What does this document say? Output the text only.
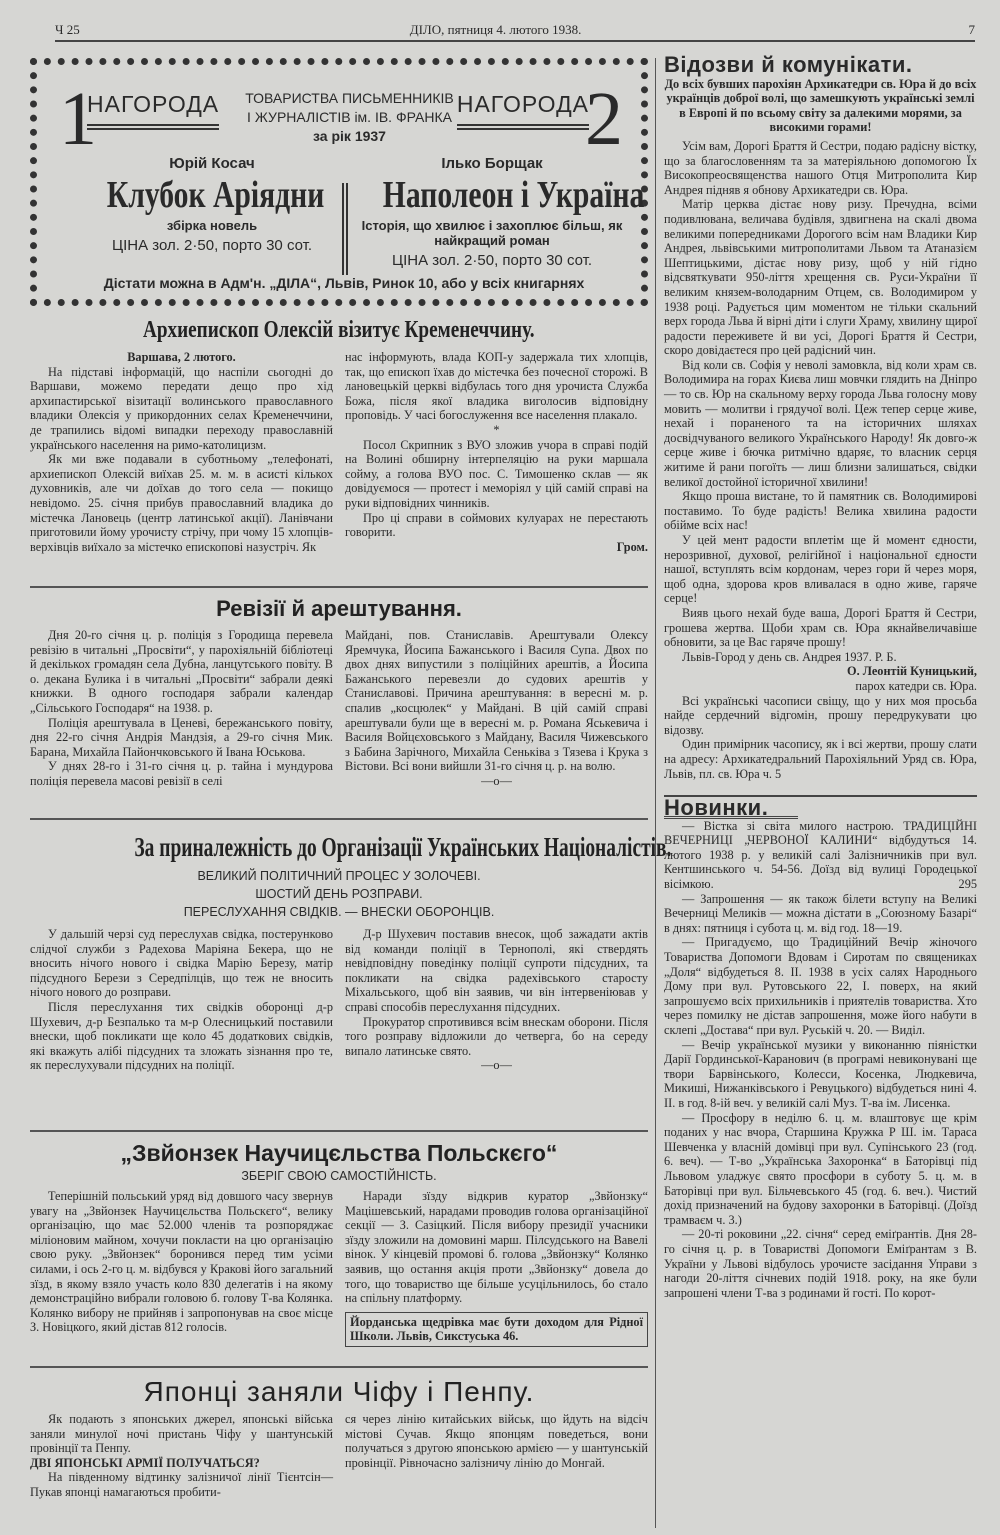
Ч 25	ДІЛО, пятниця 4. лютого 1938.	7
1	2
НАГОРОДА	НАГОРОДА
ТОВАРИСТВА ПИСЬМЕННИКІВ
І ЖУРНАЛІСТІВ ім. ІВ. ФРАНКА
за рік 1937
Юрій Косач
Клубок Аріядни
збірка новель
ЦІНА зол. 2·50, порто 30 сот.
Ілько Борщак
Наполеон і Україна
Історія, що хвилює і захоплює більш, як найкращий роман
ЦІНА зол. 2·50, порто 30 сот.
Дістати можна в Адм'н. „ДІЛА“, Львів, Ринок 10, або у всіх книгарнях
Архиепископ Олексій візитує Кременеччину.

Варшава, 2 лютого.

На підставі інформацій, що наспіли сьогодні до Варшави, можемо передати дещо про хід архипастирської візитації волинського православного владики Олексія у прикордонних селах Кременеччини, де трапились відомі випадки переходу православній українського населення на римо-католицизм.

Як ми вже подавали в суботньому „телефонаті, архиепископ Олексій виїхав 25. м. м. в асисті кількох духовників, але чи доїхав до того села — покищо невідомо. 25. січня прибув православний владика до містечка Лановець (центр латинської акції). Ланівчани приготовили йому урочисту стрічу, при чому 15 хлопців-верхівців виїхало за містечко епископові назустріч. Як

нас інформують, влада КОП-у задержала тих хлопців, так, що епископ їхав до містечка без почесної сторожі. В лановецькій церкві відбулась того дня урочиста Служба Божа, після якої владика виголосив відповідну проповідь. У часі богослуження все населення плакало.

*

Посол Скрипник з ВУО зложив учора в справі подій на Волині обширну інтерпеляцію на руки маршала сойму, а голова ВУО пос. С. Тимошенко склав — як довідуємося — протест і меморіял у цій самій справі на руки відповідних чинників.

Про ці справи в соймових кулуарах не перестають говорити.

Гром.

Ревізії й арештування.

Дня 20-го січня ц. р. поліція з Городища перевела ревізію в читальні „Просвіти“, у парохіяльній бібліотеці й декількох громадян села Дубна, ланцутського повіту. В о. декана Булика і в читальні „Просвіти“ забрали деякі книжки. В одного господаря забрали календар „Сільського Господаря“ на 1938. р.

Поліція арештувала в Ценеві, бережанського повіту, дня 22-го січня Андрія Мандзія, а 29-го січня Мик. Барана, Михайла Пайончковського й Івана Юськова.

У днях 28-го і 31-го січня ц. р. тайна і мундурова поліція перевела масові ревізії в селі

Майдані, пов. Станиславів. Арештували Олексу Яремчука, Йосипа Бажанського і Василя Супа. Двох по двох днях випустили з поліційних арештів, а Йосипа Бажанського перевезли до судових арештів у Станиславові. Причина арештування: в вересні м. р. спалив „косцюлек“ у Майдані. В цій самій справі арештували були ще в вересні м. р. Романа Яськевича і Василя Войцєховського з Майдану, Василя Чижевського з Бабина Зарічного, Михайла Сеньківа з Тязева і Крука з Вістови. Всі вони вийшли 31-го січня ц. р. на волю.

—о—

За приналежність до Організації Українських Націоналістів.
ВЕЛИКИЙ ПОЛІТИЧНИЙ ПРОЦЕС У ЗОЛОЧЕВІ.
ШОСТИЙ ДЕНЬ РОЗПРАВИ.
ПЕРЕСЛУХАННЯ СВІДКІВ. — ВНЕСКИ ОБОРОНЦІВ.

У дальшій черзі суд переслухав свідка, постерунково слідчої служби з Радехова Маріяна Бекера, що не вносить нічого нового і свідка Марію Березу, матір підсудного Берези з Середпілців, що теж не вносить нічого нового до розправи.

Після переслухання тих свідків оборонці д-р Шухевич, д-р Безпалько та м-р Олесницький поставили внески, щоб покликати ще коло 45 додаткових свідків, які вкажуть алібі підсудних та зложать зізнання про те, як переслухували підсудних на поліції.

Д-р Шухевич поставив внесок, щоб зажадати актів від команди поліції в Тернополі, які ствердять невідповідну поведінку поліції супроти підсудних, та покликати на свідка радехівського старосту Міхальського, щоб він заявив, чи він інтервеніював у справі способів переслухання підсудних.

Прокуратор спротивився всім внескам оборони. Після того розправу відложили до четверга, бо на середу випало латинське свято.

—о—

„Звйонзек Научицєльства Польскєго“
ЗБЕРІГ СВОЮ САМОСТІЙНІСТЬ.

Теперішній польський уряд від довшого часу звернув увагу на „Звйонзек Научицєльства Польскєго“, велику організацію, що має 52.000 членів та розпоряджає міліоновим майном, хочучи покласти на цю організацію свою руку. „Звйонзек“ боронився перед тим усіми силами, і ось 2-го ц. м. відбувся у Кракові його загальний зїзд, в якому взяло участь коло 830 делегатів і на якому демонстраційно вибрали головою б. голову Т-ва Колянка. Колянко вибору не прийняв і запропонував на своє місце З. Новіцкого, який дістав 812 голосів.

Наради зїзду відкрив куратор „Звйонзку“ Мацішевський, нарадами проводив голова організаційної секції — З. Сазіцкий. Після вибору президії учасники зїзду зложили на домовині марш. Пілсудського на Вавелі вінок. У кінцевій промові б. голова „Звйонзку“ Колянко заявив, що остання акція проти „Звйонзку“ довела до того, що товариство ще більше усуцільнилось, бо стало на спільну платформу.

Йорданська щедрівка має бути доходом для Рідної Школи. Львів, Сикстуська 46.

Японці заняли Чіфу і Пенпу.

Як подають з японських джерел, японські війська заняли минулої ночі пристань Чіфу у шантунській провінції та Пенпу.

ДВІ ЯПОНСЬКІ АРМІЇ ПОЛУЧАТЬСЯ?

На південному відтинку залізничої лінії Тієнтсін—Пукав японці намагаються пробити-

ся через лінію китайських військ, що йдуть на відсіч містові Сучав. Якщо японцям поведеться, вони получаться з другою японською армією — у шантунській провінції. Рівночасно залізничу лінію до Монгай.

Відозви й комунікати.

До всіх бувших парохіян Архикатедри св. Юра й до всіх українців доброї волі, що замешкують українські землі в Европі й по всьому світу за далекими морями, за високими горами!

Усім вам, Дорогі Браття й Сестри, подаю радісну вістку, що за благословенням та за матеріяльною допомогою Їх Високопреосвященства нашого Отця Митрополита Кир Андрея підняв я обнову Архикатедри св. Юра.

Матір церква дістає нову ризу. Пречудна, всіми подивлювана, величава будівля, здвигнена на скалі двома великими попередниками Дорогого всім нам Владики Кир Андрея, львівськими митрополитами Львом та Атаназієм Шептицькими, дістає нову ризу, щоб у ній гідно відсвяткувати 950-ліття хрещення св. Руси-України її великим князем-володарним Отцем, св. Володимиром у 1938 році. Радується цим моментом не тільки скальний верх города Льва й вірні діти і слуги Храму, хвилину щирої радости переживете й ви усі, Дорогі Браття й Сестри, скоро довідаєтеся про цей радісний чин.

Від коли св. Софія у неволі замовкла, від коли храм св. Володимира на горах Києва лиш мовчки глядить на Дніпро — то св. Юр на скальному верху города Льва голосну мову мовить — молитви і грядучої волі. Цеж тепер серце живе, нехай і пораненого та на історичних шляхах досвідчуваного великого Українського Народу! Як довго-ж серце живе і бючка ритмічно вдаряє, то власник серця житиме й рани погоїть — лиш близни залишаться, свідки великої достойної історичної хвилини!

Якщо проша вистане, то й памятник св. Володимирові поставимо. То буде радість! Велика хвилина радости обійме всіх нас!

У цей мент радости вплетім ще й момент єдности, нерозривної, духової, релігійної і національної єдности нашої, вступлять всім кордонам, через гори й через моря, щоб одна, здорова кров вливалася в одно живе, гаряче серце!

Вияв цього нехай буде ваша, Дорогі Браття й Сестри, грошева жертва. Щоби храм св. Юра якнайвеличавіше обновити, за це Вас гаряче прошу!

Львів-Город у день св. Андрея 1937. Р. Б.

О. Леонтій Куницький,

парох катедри св. Юра.

Всі українські часописи свіщу, що у них моя просьба найде сердечний відгомін, прошу передрукувати цю відозву.

Один примірник часопису, як і всі жертви, прошу слати на адресу: Архикатедральний Парохіяльний Уряд св. Юра, Львів, пл. св. Юра ч. 5

Новинки.

— Вістка зі світа милого настрою. ТРАДИЦІЙНІ ВЕЧЕРНИЦІ „ЧЕРВОНОЇ КАЛИНИ“ відбудуться 14. лютого 1938 р. у великій салі Залізничників при вул. Кентшинського ч. 54-56. Доїзд від вулиці Городецької вісімкою.	295

— Запрошення — як також білети вступу на Великі Вечерниці Меликів — можна дістати в „Союзному Базарі“ в днях: пятниця і субота ц. м. від год. 18—19.

— Пригадуємо, що Традиційний Вечір жіночого Товариства Допомоги Вдовам і Сиротам по священиках „Доля“ відбудеться 8. II. 1938 в усіх салях Народнього Дому при вул. Рутовського 22, I. поверх, на який запрошуємо всіх прихильників і приятелів товариства. Хто через помилку не дістав запрошення, може його набути в склепі „Достава“ при вул. Руській ч. 20. — Виділ.

— Вечір української музики у виконанню піяністки Дарії Гординської-Каранович (в програмі невиконувані ще твори Барвінського, Колесси, Косенка, Людкевича, Микиші, Нижанківського і Ревуцького) відбудеться нині 4. II. в год. 8-ій веч. у великій салі Муз. Т-ва ім. Лисенка.

— Просфору в неділю 6. ц. м. влаштовує ще крім поданих у нас вчора, Старшина Кружка Р Ш. ім. Тараса Шевченка у власній домівці при вул. Супінського 23 (год. 6. веч). — Т-во „Українська Захоронка“ в Баторівці під Львовом уладжує свято просфори в суботу 5. ц. м. в Баторівці при вул. Більчевського 45 (год. 6. веч.). Чистий дохід призначений на будову захоронки в Баторівці. (Доїзд трамваєм ч. 3.)

— 20-ті роковини „22. січня“ серед еміґрантів. Дня 28-го січня ц. р. в Товаристві Допомоги Еміґрантам з В. України у Львові відбулось урочисте засідання Управи з нагоди 20-ліття січневих подій 1918. року, на яке були запрошені члени Т-ва з родинами й гості. По корот-
